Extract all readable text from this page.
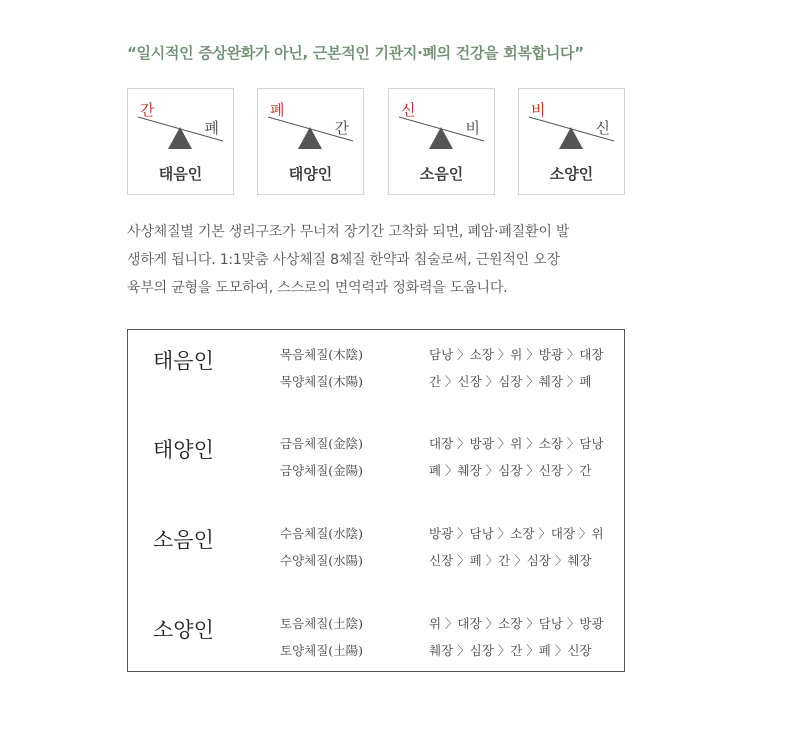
“일시적인 증상완화가 아닌, 근본적인 기관지·폐의 건강을 회복합니다”
간
폐
태음인
폐
간
태양인
신
비
소음인
비
신
소양인
사상체질별 기본 생리구조가 무너져 장기간 고착화 되면, 폐암·폐질환이 발
생하게 됩니다. 1:1맞춤 사상체질 8체질 한약과 침술로써, 근원적인 오장
육부의 균형을 도모하여, 스스로의 면역력과 정화력을 도웁니다.
태음인	목음체질(木陰)	담낭 〉소장 〉위 〉방광 〉대장
목양체질(木陽)	간 〉신장 〉심장 〉췌장 〉폐
태양인	금음체질(金陰)	대장 〉방광 〉위 〉소장 〉담낭
금양체질(金陽)	폐 〉췌장 〉심장 〉신장 〉간
소음인	수음체질(水陰)	방광 〉담낭 〉소장 〉대장 〉위
수양체질(水陽)	신장 〉폐 〉간 〉심장 〉췌장
소양인	토음체질(土陰)	위 〉대장 〉소장 〉담낭 〉방광
토양체질(土陽)	췌장 〉심장 〉간 〉폐 〉신장
